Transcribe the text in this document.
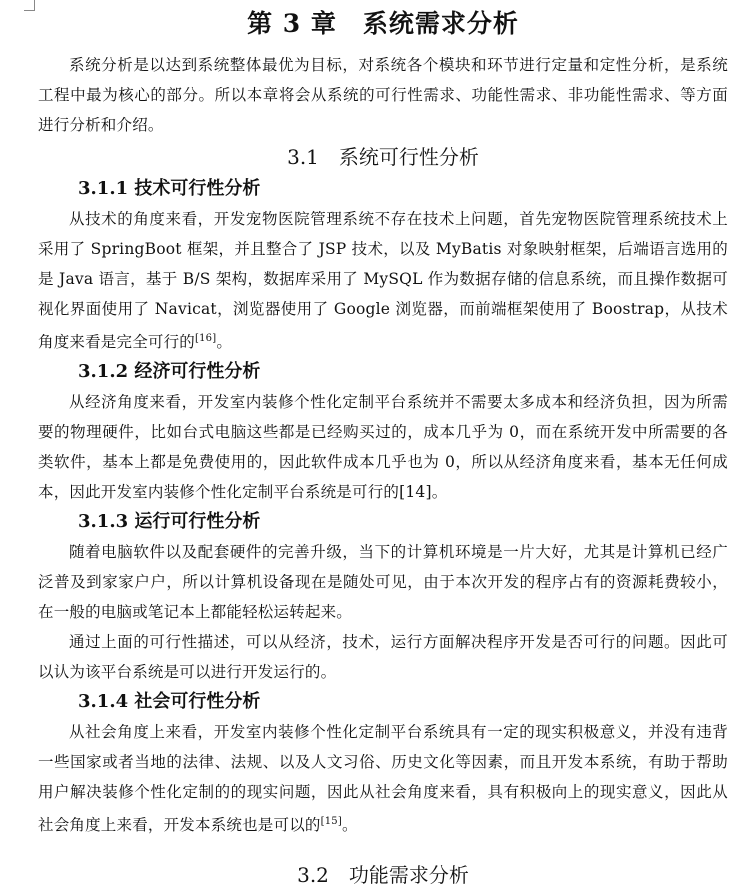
第 3 章　系统需求分析

系统分析是以达到系统整体最优为目标，对系统各个模块和环节进行定量和定性分析，是系统工程中最为核心的部分。所以本章将会从系统的可行性需求、功能性需求、非功能性需求、等方面进行分析和介绍。

3.1　系统可行性分析
3.1.1 技术可行性分析

从技术的角度来看，开发宠物医院管理系统不存在技术上问题，首先宠物医院管理系统技术上采用了 SpringBoot 框架，并且整合了 JSP 技术，以及 MyBatis 对象映射框架，后端语言选用的是 Java 语言，基于 B/S 架构，数据库采用了 MySQL 作为数据存储的信息系统，而且操作数据可视化界面使用了 Navicat，浏览器使用了 Google 浏览器，而前端框架使用了 Boostrap，从技术角度来看是完全可行的[16]。

3.1.2 经济可行性分析

从经济角度来看，开发室内装修个性化定制平台系统并不需要太多成本和经济负担，因为所需要的物理硬件，比如台式电脑这些都是已经购买过的，成本几乎为 0，而在系统开发中所需要的各类软件，基本上都是免费使用的，因此软件成本几乎也为 0，所以从经济角度来看，基本无任何成本，因此开发室内装修个性化定制平台系统是可行的[14]。

3.1.3 运行可行性分析

随着电脑软件以及配套硬件的完善升级，当下的计算机环境是一片大好，尤其是计算机已经广泛普及到家家户户，所以计算机设备现在是随处可见，由于本次开发的程序占有的资源耗费较小，在一般的电脑或笔记本上都能轻松运转起来。

通过上面的可行性描述，可以从经济，技术，运行方面解决程序开发是否可行的问题。因此可以认为该平台系统是可以进行开发运行的。

3.1.4 社会可行性分析

从社会角度上来看，开发室内装修个性化定制平台系统具有一定的现实积极意义，并没有违背一些国家或者当地的法律、法规、以及人文习俗、历史文化等因素，而且开发本系统，有助于帮助用户解决装修个性化定制的的现实问题，因此从社会角度来看，具有积极向上的现实意义，因此从社会角度上来看，开发本系统也是可以的[15]。

3.2　功能需求分析
